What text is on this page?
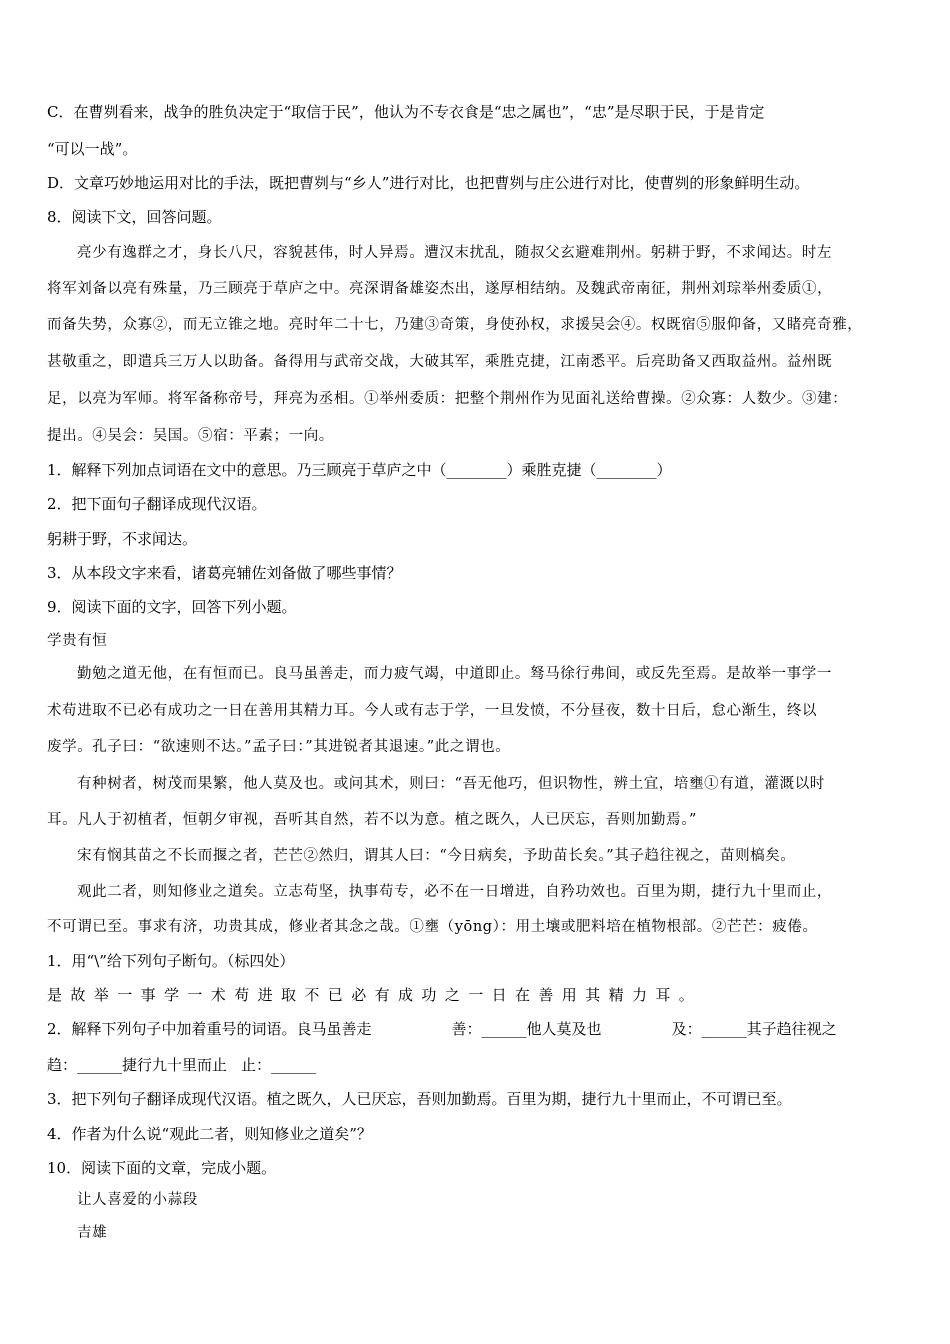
C．在曹刿看来，战争的胜负决定于“取信于民”，他认为不专衣食是“忠之属也”，“忠”是尽职于民，于是肯定
“可以一战”。
D．文章巧妙地运用对比的手法，既把曹刿与“乡人”进行对比，也把曹刿与庄公进行对比，使曹刿的形象鲜明生动。
8．阅读下文，回答问题。
亮少有逸群之才，身长八尺，容貌甚伟，时人异焉。遭汉末扰乱，随叔父玄避难荆州。躬耕于野，不求闻达。时左
将军刘备以亮有殊量，乃三顾亮于草庐之中。亮深谓备雄姿杰出，遂厚相结纳。及魏武帝南征，荆州刘琮举州委质①，
而备失势，众寡②，而无立锥之地。亮时年二十七，乃建③奇策，身使孙权，求援吴会④。权既宿⑤服仰备，又睹亮奇雅，
甚敬重之，即遣兵三万人以助备。备得用与武帝交战，大破其军，乘胜克捷，江南悉平。后亮助备又西取益州。益州既
足，以亮为军师。将军备称帝号，拜亮为丞相。①举州委质：把整个荆州作为见面礼送给曹操。②众寡：人数少。③建：
提出。④吴会：吴国。⑤宿：平素；一向。
1．解释下列加点词语在文中的意思。乃三顾亮于草庐之中（________）乘胜克捷（________）
2．把下面句子翻译成现代汉语。
躬耕于野，不求闻达。
3．从本段文字来看，诸葛亮辅佐刘备做了哪些事情？
9．阅读下面的文字，回答下列小题。
学贵有恒
勤勉之道无他，在有恒而已。良马虽善走，而力疲气竭，中道即止。驽马徐行弗间，或反先至焉。是故举一事学一
术苟进取不已必有成功之一日在善用其精力耳。今人或有志于学，一旦发愤，不分昼夜，数十日后，怠心渐生，终以
废学。孔子曰：“欲速则不达。”孟子曰：”其进锐者其退速。”此之谓也。
有种树者，树茂而果繁，他人莫及也。或问其术，则曰：“吾无他巧，但识物性，辨土宜，培壅①有道，灌溉以时
耳。凡人于初植者，恒朝夕审视，吾听其自然，若不以为意。植之既久，人已厌忘，吾则加勤焉。”
宋有悯其苗之不长而揠之者，芒芒②然归，谓其人曰：“今日病矣，予助苗长矣。”其子趋往视之，苗则槁矣。
观此二者，则知修业之道矣。立志苟坚，执事苟专，必不在一日增进，自矜功效也。百里为期，捷行九十里而止，
不可谓已至。事求有济，功贵其成，修业者其念之哉。①壅（yōng）：用土壤或肥料培在植物根部。②芒芒：疲倦。
1．用“\”给下列句子断句。（标四处）
是故举一事学一术苟进取不已必有成功之一日在善用其精力耳。
2．解释下列句子中加着重号的词语。良马虽善走	善：______他人莫及也	及：______其子趋往视之
趋：______捷行九十里而止 止：______
3．把下列句子翻译成现代汉语。植之既久，人已厌忘，吾则加勤焉。百里为期，捷行九十里而止，不可谓已至。
4．作者为什么说“观此二者，则知修业之道矣”？
10．阅读下面的文章，完成小题。
让人喜爱的小蒜段
吉雄
